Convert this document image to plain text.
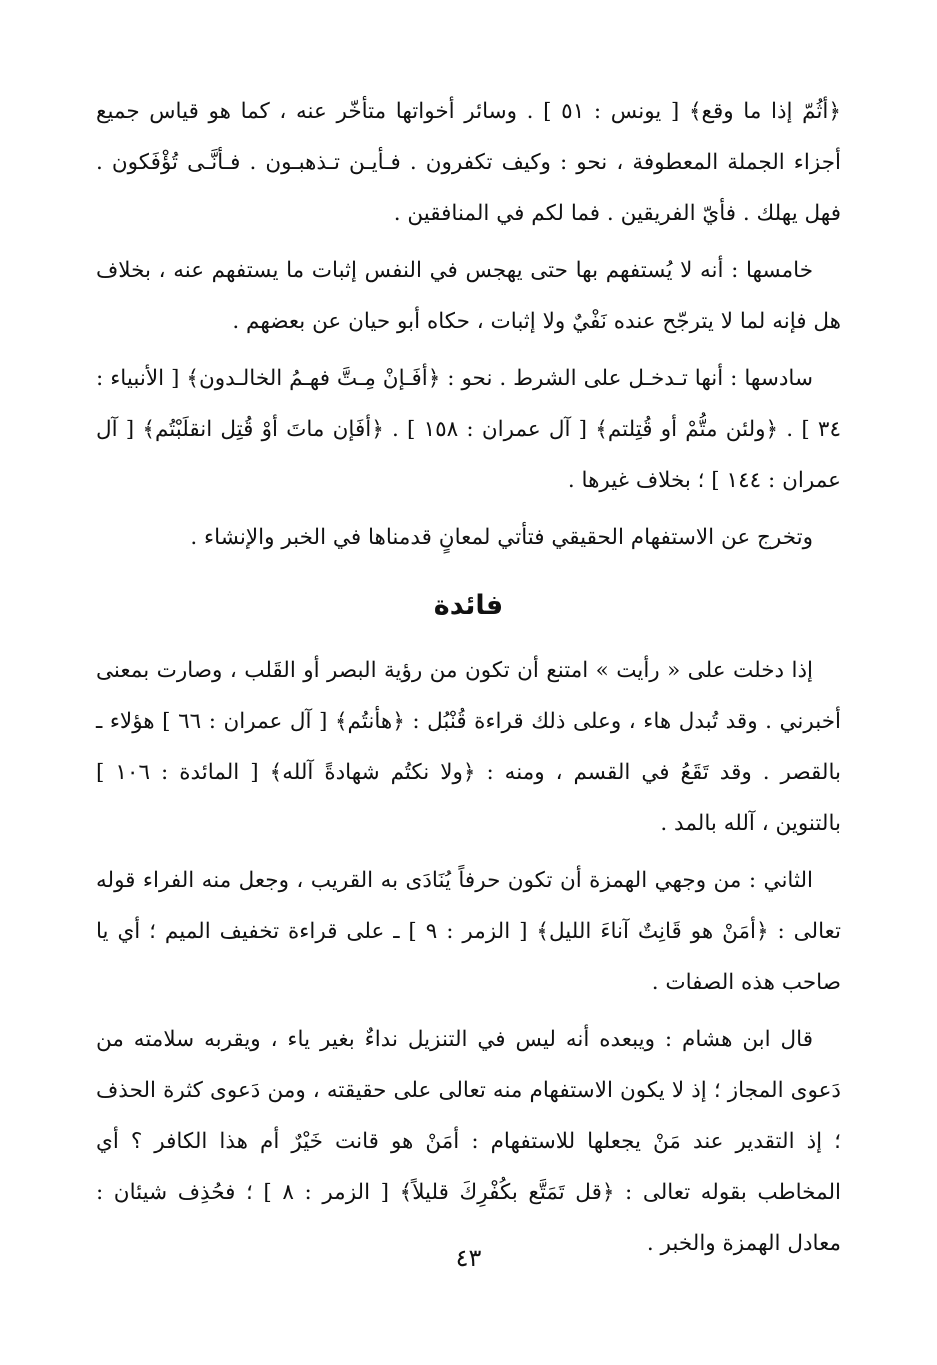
﴿أثُمّ إذا ما وقع﴾ [ يونس : ٥١ ] . وسائر أخواتها متأخّر عنه ، كما هو قياس جميع أجزاء الجملة المعطوفة ، نحو : وكيف تكفرون . فـأيـن تـذهبـون . فـأنَّـى تُؤْفَكون . فهل يهلك . فأيّ الفريقين . فما لكم في المنافقين .

خامسها : أنه لا يُستفهم بها حتى يهجس في النفس إثبات ما يستفهم عنه ، بخلاف هل فإنه لما لا يترجّح عنده نَفْيٌ ولا إثبات ، حكاه أبو حيان عن بعضهم .

سادسها : أنها تـدخـل على الشرط . نحو : ﴿أفَـإنْ مِـتَّ فهـمُ الخالـدون﴾ [ الأنبياء : ٣٤ ] . ﴿ولئن متُّمْ أو قُتِلتم﴾ [ آل عمران : ١٥٨ ] . ﴿أفَإن ماتَ أوْ قُتِل انقلَبْتُم﴾ [ آل عمران : ١٤٤ ] ؛ بخلاف غيرها .

وتخرج عن الاستفهام الحقيقي فتأتي لمعانٍ قدمناها في الخبر والإنشاء .

فائدة

إذا دخلت على « رأيت » امتنع أن تكون من رؤية البصر أو القَلب ، وصارت بمعنى أخبرني . وقد تُبدل هاء ، وعلى ذلك قراءة قُنْبُل : ﴿هأنتُم﴾ [ آل عمران : ٦٦ ] هؤلاء ـ بالقصر . وقد تَقَعُ في القسم ، ومنه : ﴿ولا نكتُم شهادةً آلله﴾ [ المائدة : ١٠٦ ] بالتنوين ، آلله بالمد .

الثاني : من وجهي الهمزة أن تكون حرفاً يُنَادَى به القريب ، وجعل منه الفراء قوله تعالى : ﴿أمَنْ هو قَانِتٌ آناءَ الليل﴾ [ الزمر : ٩ ] ـ على قراءة تخفيف الميم ؛ أي يا صاحب هذه الصفات .

قال ابن هشام : ويبعده أنه ليس في التنزيل نداءٌ بغير ياء ، ويقربه سلامته من دَعوى المجاز ؛ إذ لا يكون الاستفهام منه تعالى على حقيقته ، ومن دَعوى كثرة الحذف ؛ إذ التقدير عند مَنْ يجعلها للاستفهام : أمَنْ هو قانت خَيْرٌ أم هذا الكافر ؟ أي المخاطب بقوله تعالى : ﴿قل تَمَتَّع بكُفْرِكَ قليلاً﴾ [ الزمر : ٨ ] ؛ فحُذِف شيئان : معادل الهمزة والخبر .

٤٣
